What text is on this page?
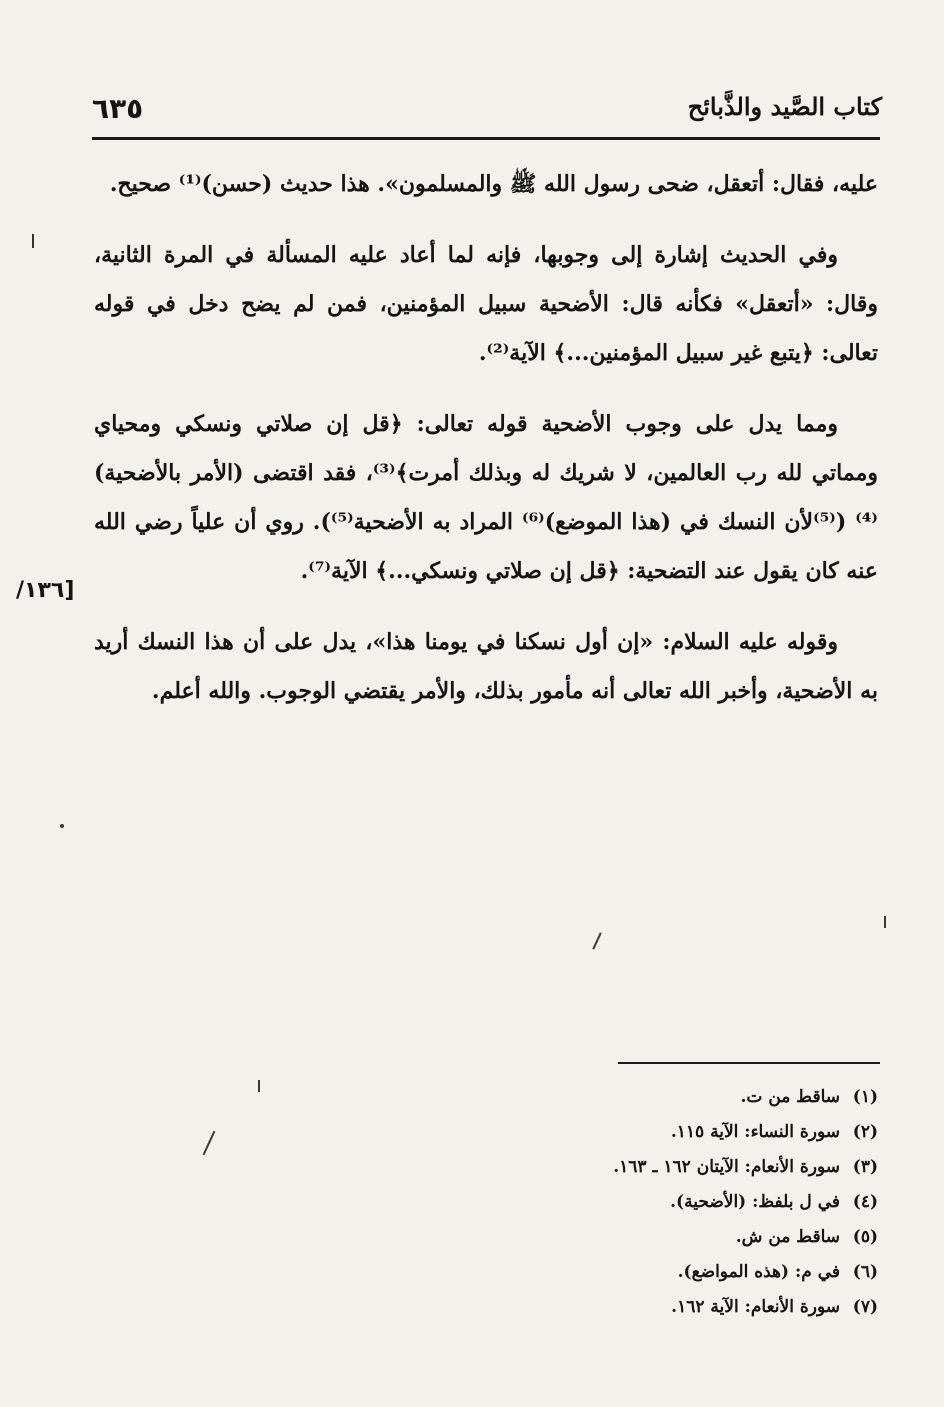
٦٣٥	كتاب الصَّيد والذَّبائح
[١٣٦/

عليه، فقال: أتعقل، ضحى رسول الله ﷺ والمسلمون». هذا حديث (حسن)⁽¹⁾ صحيح.

وفي الحديث إشارة إلى وجوبها، فإنه لما أعاد عليه المسألة في المرة الثانية، وقال: «أتعقل» فكأنه قال: الأضحية سبيل المؤمنين، فمن لم يضح دخل في قوله تعالى: ﴿يتبع غير سبيل المؤمنين...﴾ الآية⁽²⁾.

ومما يدل على وجوب الأضحية قوله تعالى: ﴿قل إن صلاتي ونسكي ومحياي ومماتي لله رب العالمين، لا شريك له وبذلك أمرت﴾⁽³⁾، فقد اقتضى (الأمر بالأضحية)⁽⁴⁾ (⁽⁵⁾لأن النسك في (هذا الموضع)⁽⁶⁾ المراد به الأضحية⁽⁵⁾). روي أن علياً رضي الله عنه كان يقول عند التضحية: ﴿قل إن صلاتي ونسكي...﴾ الآية⁽⁷⁾.

وقوله عليه السلام: «إن أول نسكنا في يومنا هذا»، يدل على أن هذا النسك أريد به الأضحية، وأخبر الله تعالى أنه مأمور بذلك، والأمر يقتضي الوجوب. والله أعلم.

(١)ساقط من ت.
(٢)سورة النساء: الآية ١١٥.
(٣)سورة الأنعام: الآيتان ١٦٢ ـ ١٦٣.
(٤)في ل بلفظ: (الأضحية).
(٥)ساقط من ش.
(٦)في م: (هذه المواضع).
(٧)سورة الأنعام: الآية ١٦٢.
